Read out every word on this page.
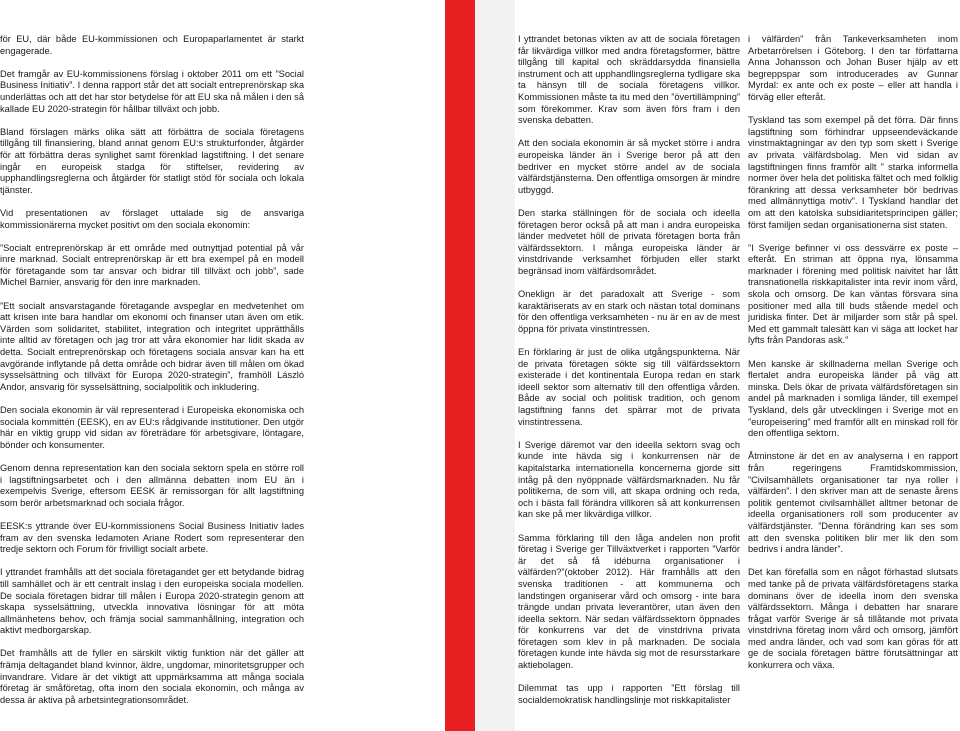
för EU, där både EU-kommissionen och Europaparlamentet är starkt engagerade.

Det framgår av EU-kommissionens förslag i oktober 2011 om ett ”Social Business Initiativ”. I denna rapport står det att socialt entreprenörskap ska underlättas och att det har stor betydelse för att EU ska nå målen i den så kallade EU 2020-strategin för hållbar tillväxt och jobb.

Bland förslagen märks olika sätt att förbättra de sociala företagens tillgång till finansiering, bland annat genom EU:s strukturfonder, åtgärder för att förbättra deras synlighet samt förenklad lagstiftning. I det senare ingår en europeisk stadga för stiftelser, revidering av upphandlingsreglerna och åtgärder för statligt stöd för sociala och lokala tjänster.

Vid presentationen av förslaget uttalade sig de ansvariga kommissionärerna mycket positivt om den sociala ekonomin:

”Socialt entreprenörskap är ett område med outnyttjad potential på vår inre marknad. Socialt entreprenörskap är ett bra exempel på en modell för företagande som tar ansvar och bidrar till tillväxt och jobb”, sade Michel Barnier, ansvarig för den inre marknaden.

”Ett socialt ansvarstagande företagande avspeglar en medvetenhet om att krisen inte bara handlar om ekonomi och finanser utan även om etik. Värden som solidaritet, stabilitet, integration och integritet upprätthålls inte alltid av företagen och jag tror att våra ekonomier har lidit skada av detta. Socialt entreprenörskap och företagens sociala ansvar kan ha ett avgörande inflytande på detta område och bidrar även till målen om ökad sysselsättning och tillväxt för Europa 2020-strategin”, framhöll László Andor, ansvarig för sysselsättning, socialpolitik och inkludering.

Den sociala ekonomin är väl representerad i Europeiska ekonomiska och sociala kommittén (EESK), en av EU:s rådgivande institutioner. Den utgör här en viktig grupp vid sidan av företrädare för arbetsgivare, löntagare, bönder och konsumenter.

Genom denna representation kan den sociala sektorn spela en större roll i lagstiftningsarbetet och i den allmänna debatten inom EU än i exempelvis Sverige, eftersom EESK är remissorgan för allt lagstiftning som berör arbetsmarknad och sociala frågor.

EESK:s yttrande över EU-kommissionens Social Business Initiativ lades fram av den svenska ledamoten Ariane Rodert som representerar den tredje sektorn och Forum för frivilligt socialt arbete.

I yttrandet framhålls att det sociala företagandet ger ett betydande bidrag till samhället och är ett centralt inslag i den europeiska sociala modellen. De sociala företagen bidrar till målen i Europa 2020-strategin genom att skapa sysselsättning, utveckla innovativa lösningar för att möta allmänhetens behov, och främja social sammanhållning, integration och aktivt medborgarskap.

Det framhålls att de fyller en särskilt viktig funktion när det gäller att främja deltagandet bland kvinnor, äldre, ungdomar, minoritetsgrupper och invandrare. Vidare är det viktigt att uppmärksamma att många sociala företag är småföretag, ofta inom den sociala ekonomin, och många av dessa är aktiva på arbetsintegrationsområdet.

I yttrandet betonas vikten av att de sociala företagen får likvärdiga villkor med andra företagsformer, bättre tillgång till kapital och skräddarsydda finansiella instrument och att upphandlingsreglerna tydligare ska ta hänsyn till de sociala företagens villkor. Kommissionen måste ta itu med den ”övertillämpning” som förekommer. Krav som även förs fram i den svenska debatten.

Att den sociala ekonomin är så mycket större i andra europeiska länder än i Sverige beror på att den bedriver en mycket större andel av de sociala välfärdstjänsterna. Den offentliga omsorgen är mindre utbyggd.

Den starka ställningen för de sociala och ideella företagen beror också på att man i andra europeiska länder medvetet höll de privata företagen borta från välfärdssektorn. I många europeiska länder är vinstdrivande verksamhet förbjuden eller starkt begränsad inom välfärdsområdet.

Oneklign är det paradoxalt att Sverige - som karaktäriserats av en stark och nästan total dominans för den offentliga verksamheten - nu är en av de mest öppna för privata vinstintressen.

En förklaring är just de olika utgångspunkterna. När de privata företagen sökte sig till välfärdssektorn existerade i det kontinentala Europa redan en stark ideell sektor som alternativ till den offentliga vården. Både av social och politisk tradition, och genom lagstiftning fanns det spärrar mot de privata vinstintressena.

I Sverige däremot var den ideella sektorn svag och kunde inte hävda sig i konkurrensen när de kapitalstarka internationella koncernerna gjorde sitt intåg på den nyöppnade välfärdsmarknaden. Nu får politikerna, de som vill, att skapa ordning och reda, och i bästa fall förändra villkoren så att konkurrensen kan ske på mer likvärdiga villkor.

Samma förklaring till den låga andelen non profit företag i Sverige ger Tillväxtverket i rapporten ”Varför är det så få idéburna organisationer i välfärden?”(oktober 2012). Här framhålls att den svenska traditionen - att kommunerna och landstingen organiserar vård och omsorg - inte bara trängde undan privata leverantörer, utan även den ideella sektorn. När sedan välfärdssektorn öppnades för konkurrens var det de vinstdrivna privata företagen som klev in på marknaden. De sociala företagen kunde inte hävda sig mot de resursstarkare aktiebolagen.

Dilemmat tas upp i rapporten ”Ett förslag till socialdemokratisk handlingslinje mot riskkapitalister

i välfärden” från Tankeverksamheten inom Arbetarrörelsen i Göteborg. I den tar författarna Anna Johansson och Johan Buser hjälp av ett begreppspar som introducerades av Gunnar Myrdal: ex ante och ex poste – eller att handla i förväg eller efteråt.

Tyskland tas som exempel på det förra. Där finns lagstiftning som förhindrar uppseendeväckande vinstmaktagningar av den typ som skett i Sverige av privata välfärdsbolag. Men vid sidan av lagstiftningen finns framför allt ” starka informella normer över hela det politiska fältet och med folklig förankring att dessa verksamheter bör bedrivas med allmännyttiga motiv”. I Tyskland handlar det om att den katolska subsidiaritetsprincipen gäller; först familjen sedan organisationerna sist staten.

”I Sverige befinner vi oss dessvärre ex poste – efteråt. En striman att öppna nya, lönsamma marknader i förening med politisk naivitet har lått transnationella riskkapitalister inta revir inom vård, skola och omsorg. De kan väntas försvara sina positioner med alla till buds stående medel och juridiska finter. Det är miljarder som står på spel. Med ett gammalt talesätt kan vi säga att locket har lyfts från Pandoras ask.”

Men kanske är skillnaderna mellan Sverige och flertalet andra europeiska länder på väg att minska. Dels ökar de privata välfärdsföretagen sin andel på marknaden i somliga länder, till exempel Tyskland, dels går utvecklingen i Sverige mot en ”europeisering” med framför allt en minskad roll för den offentliga sektorn.

Åtminstone är det en av analyserna i en rapport från regeringens Framtidskommission, ”Civilsamhällets organisationer tar nya roller i välfärden”. I den skriver man att de senaste årens politik gentemot civilsamhället alltmer betonar de ideella organisationers roll som producenter av välfärdstjänster. ”Denna förändring kan ses som att den svenska politiken blir mer lik den som bedrivs i andra länder”.

Det kan förefalla som en något förhastad slutsats med tanke på de privata välfärdsföretagens starka dominans över de ideella inom den svenska välfärdssektorn. Många i debatten har snarare frågat varför Sverige är så tillåtande mot privata vinstdrivna företag inom vård och omsorg, jämfört med andra länder, och vad som kan göras för att ge de sociala företagen bättre förutsättningar att konkurrera och växa.
